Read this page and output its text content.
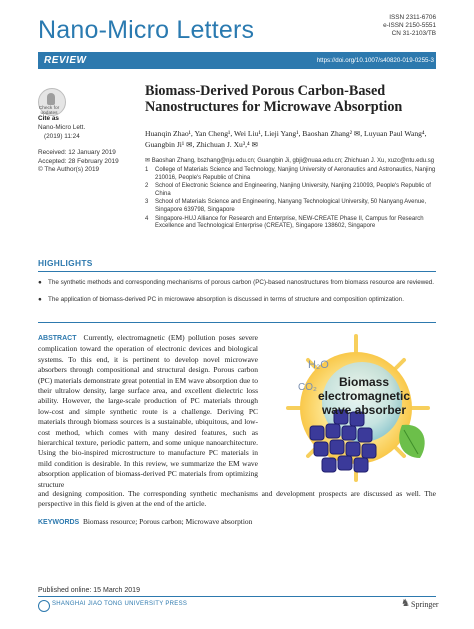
Nano-Micro Letters	ISSN 2311-6706
e-ISSN 2150-5551
CN 31-2103/TB
REVIEW	https://doi.org/10.1007/s40820-019-0255-3
Check for updates
Cite as
Nano-Micro Lett.
(2019) 11:24
Received: 12 January 2019
Accepted: 28 February 2019
© The Author(s) 2019
Biomass-Derived Porous Carbon-Based Nanostructures for Microwave Absorption
Huanqin Zhao¹, Yan Cheng¹, Wei Liu¹, Lieji Yang¹, Baoshan Zhang² ✉, Luyuan Paul Wang⁴, Guangbin Ji¹ ✉, Zhichuan J. Xu³,⁴ ✉
✉ Baoshan Zhang, bszhang@nju.edu.cn; Guangbin Ji, gbji@nuaa.edu.cn; Zhichuan J. Xu, xuzc@ntu.edu.sg
1 College of Materials Science and Technology, Nanjing University of Aeronautics and Astronautics, Nanjing 210016, People's Republic of China
2 School of Electronic Science and Engineering, Nanjing University, Nanjing 210093, People's Republic of China
3 School of Materials Science and Engineering, Nanyang Technological University, 50 Nanyang Avenue, Singapore 639798, Singapore
4 Singapore-HUJ Alliance for Research and Enterprise, NEW-CREATE Phase II, Campus for Research Excellence and Technological Enterprise (CREATE), Singapore 138602, Singapore
HIGHLIGHTS
● The synthetic methods and corresponding mechanisms of porous carbon (PC)-based nanostructures from biomass resource are reviewed.
● The application of biomass-derived PC in microwave absorption is discussed in terms of structure and composition optimization.
ABSTRACT Currently, electromagnetic (EM) pollution poses severe complication toward the operation of electronic devices and biological systems. To this end, it is pertinent to develop novel microwave absorbers through compositional and structural design. Porous carbon (PC) materials demonstrate great potential in EM wave absorption due to their ultralow density, large surface area, and excellent dielectric loss ability. However, the large-scale production of PC materials through low-cost and simple synthetic route is a challenge. Deriving PC materials through biomass sources is a sustainable, ubiquitous, and low-cost method, which comes with many desired features, such as hierarchical texture, periodic pattern, and some unique nanoarchitecture. Using the bio-inspired microstructure to manufacture PC materials in mild condition is desirable. In this review, we summarize the EM wave absorption application of biomass-derived PC materials from optimizing structure
and designing composition. The corresponding synthetic mechanisms and development prospects are discussed as well. The perspective in this field is given at the end of the article.
KEYWORDS Biomass resource; Porous carbon; Microwave absorption
H₂O
CO₂ Biomass
electromagnetic
wave absorber
Published online: 15 March 2019
SHANGHAI JIAO TONG UNIVERSITY PRESS	♞ Springer
